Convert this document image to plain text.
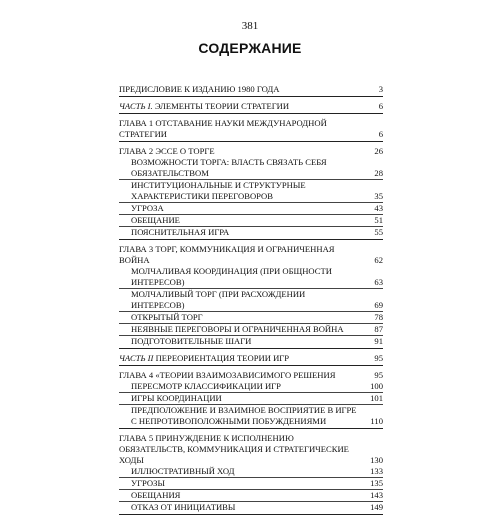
381
СОДЕРЖАНИЕ
ПРЕДИСЛОВИЕ К ИЗДАНИЮ 1980 ГОДА	3
ЧАСТЬ I. ЭЛЕМЕНТЫ ТЕОРИИ СТРАТЕГИИ	6
ГЛАВА 1 ОТСТАВАНИЕ НАУКИ МЕЖДУНАРОДНОЙ СТРАТЕГИИ	6
ГЛАВА 2 ЭССЕ О ТОРГЕ	26
ВОЗМОЖНОСТИ ТОРГА: ВЛАСТЬ СВЯЗАТЬ СЕБЯ ОБЯЗАТЕЛЬСТВОМ	28
ИНСТИТУЦИОНАЛЬНЫЕ И СТРУКТУРНЫЕ ХАРАКТЕРИСТИКИ ПЕРЕГОВОРОВ	35
УГРОЗА	43
ОБЕЩАНИЕ	51
ПОЯСНИТЕЛЬНАЯ ИГРА	55
ГЛАВА 3 ТОРГ, КОММУНИКАЦИЯ И ОГРАНИЧЕННАЯ ВОЙНА	62
МОЛЧАЛИВАЯ КООРДИНАЦИЯ (ПРИ ОБЩНОСТИ ИНТЕРЕСОВ)	63
МОЛЧАЛИВЫЙ ТОРГ (ПРИ РАСХОЖДЕНИИ ИНТЕРЕСОВ)	69
ОТКРЫТЫЙ ТОРГ	78
НЕЯВНЫЕ ПЕРЕГОВОРЫ И ОГРАНИЧЕННАЯ ВОЙНА	87
ПОДГОТОВИТЕЛЬНЫЕ ШАГИ	91
ЧАСТЬ II ПЕРЕОРИЕНТАЦИЯ ТЕОРИИ ИГР	95
ГЛАВА 4 «ТЕОРИИ ВЗАИМОЗАВИСИМОГО РЕШЕНИЯ	95
ПЕРЕСМОТР КЛАССИФИКАЦИИ ИГР	100
ИГРЫ КООРДИНАЦИИ	101
ПРЕДПОЛОЖЕНИЕ И ВЗАИМНОЕ ВОСПРИЯТИЕ В ИГРЕ С НЕПРОТИВОПОЛОЖНЫМИ ПОБУЖДЕНИЯМИ	110
ГЛАВА 5 ПРИНУЖДЕНИЕ К ИСПОЛНЕНИЮ ОБЯЗАТЕЛЬСТВ, КОММУНИКАЦИЯ И СТРАТЕГИЧЕСКИЕ ХОДЫ	130
ИЛЛЮСТРАТИВНЫЙ ХОД	133
УГРОЗЫ	135
ОБЕЩАНИЯ	143
ОТКАЗ ОТ ИНИЦИАТИВЫ	149
